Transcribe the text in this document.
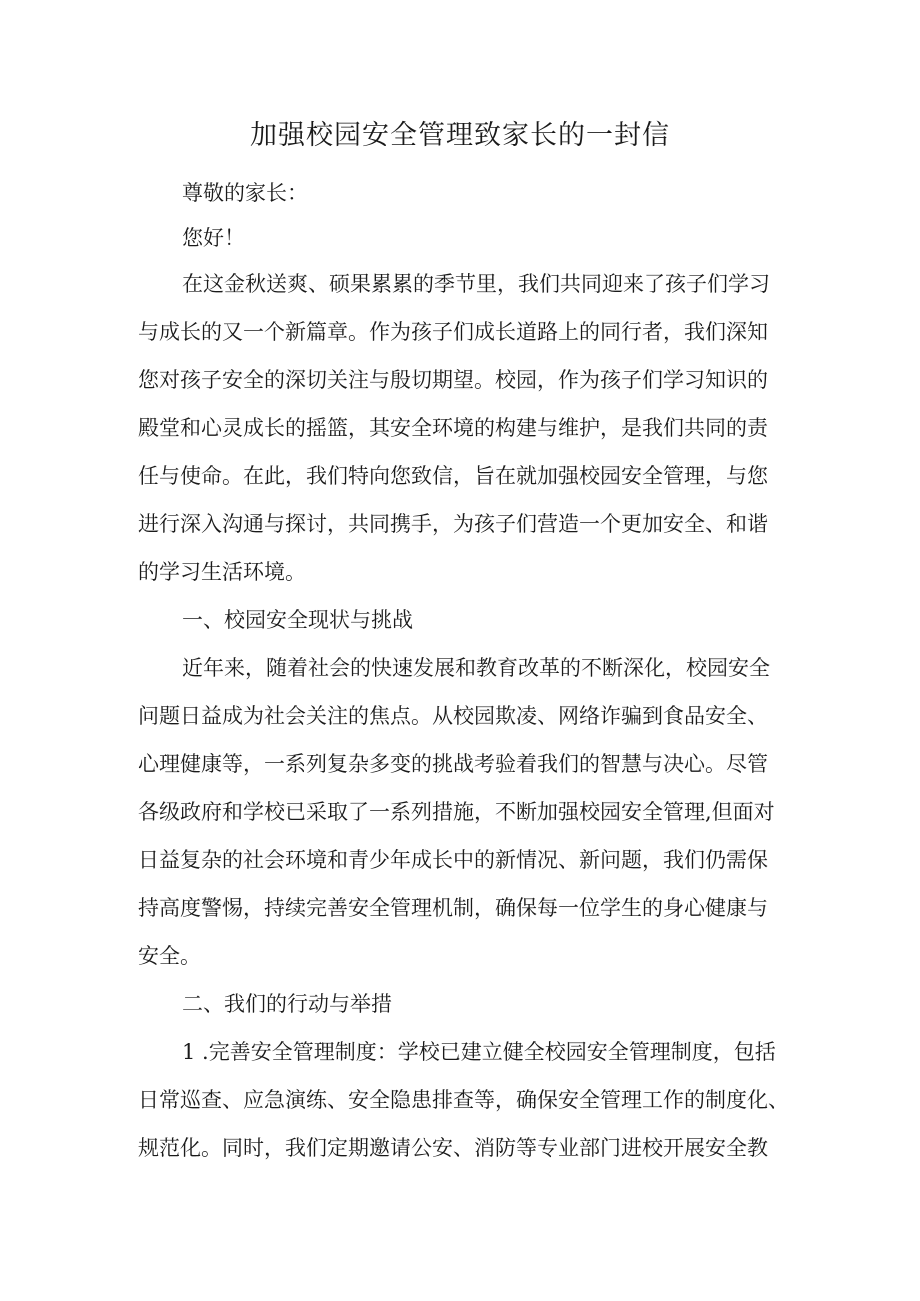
加强校园安全管理致家长的一封信

尊敬的家长：

您好！

在这金秋送爽、硕果累累的季节里，我们共同迎来了孩子们学习

与成长的又一个新篇章。作为孩子们成长道路上的同行者，我们深知

您对孩子安全的深切关注与殷切期望。校园，作为孩子们学习知识的

殿堂和心灵成长的摇篮，其安全环境的构建与维护，是我们共同的责

任与使命。在此，我们特向您致信，旨在就加强校园安全管理，与您

进行深入沟通与探讨，共同携手，为孩子们营造一个更加安全、和谐

的学习生活环境。

一、校园安全现状与挑战

近年来，随着社会的快速发展和教育改革的不断深化，校园安全

问题日益成为社会关注的焦点。从校园欺凌、网络诈骗到食品安全、

心理健康等，一系列复杂多变的挑战考验着我们的智慧与决心。尽管

各级政府和学校已采取了一系列措施，不断加强校园安全管理,但面对

日益复杂的社会环境和青少年成长中的新情况、新问题，我们仍需保

持高度警惕，持续完善安全管理机制，确保每一位学生的身心健康与

安全。

二、我们的行动与举措

1 .完善安全管理制度：学校已建立健全校园安全管理制度，包括

日常巡查、应急演练、安全隐患排查等，确保安全管理工作的制度化、

规范化。同时，我们定期邀请公安、消防等专业部门进校开展安全教
